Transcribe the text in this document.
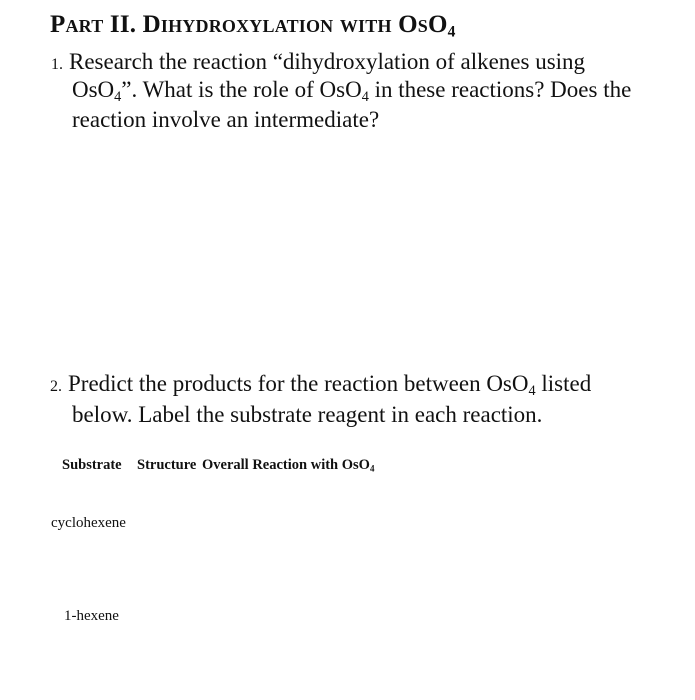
Part II. Dihydroxylation with OsO$_4$
1. Research the reaction “dihydroxylation of alkenes using
OsO$_4$”. What is the role of OsO$_4$ in these reactions? Does the
reaction involve an intermediate?
2. Predict the products for the reaction between OsO$_4$ listed
below. Label the substrate reagent in each reaction.
Substrate Structure Overall Reaction with OsO$_4$
cyclohexene
1-hexene
